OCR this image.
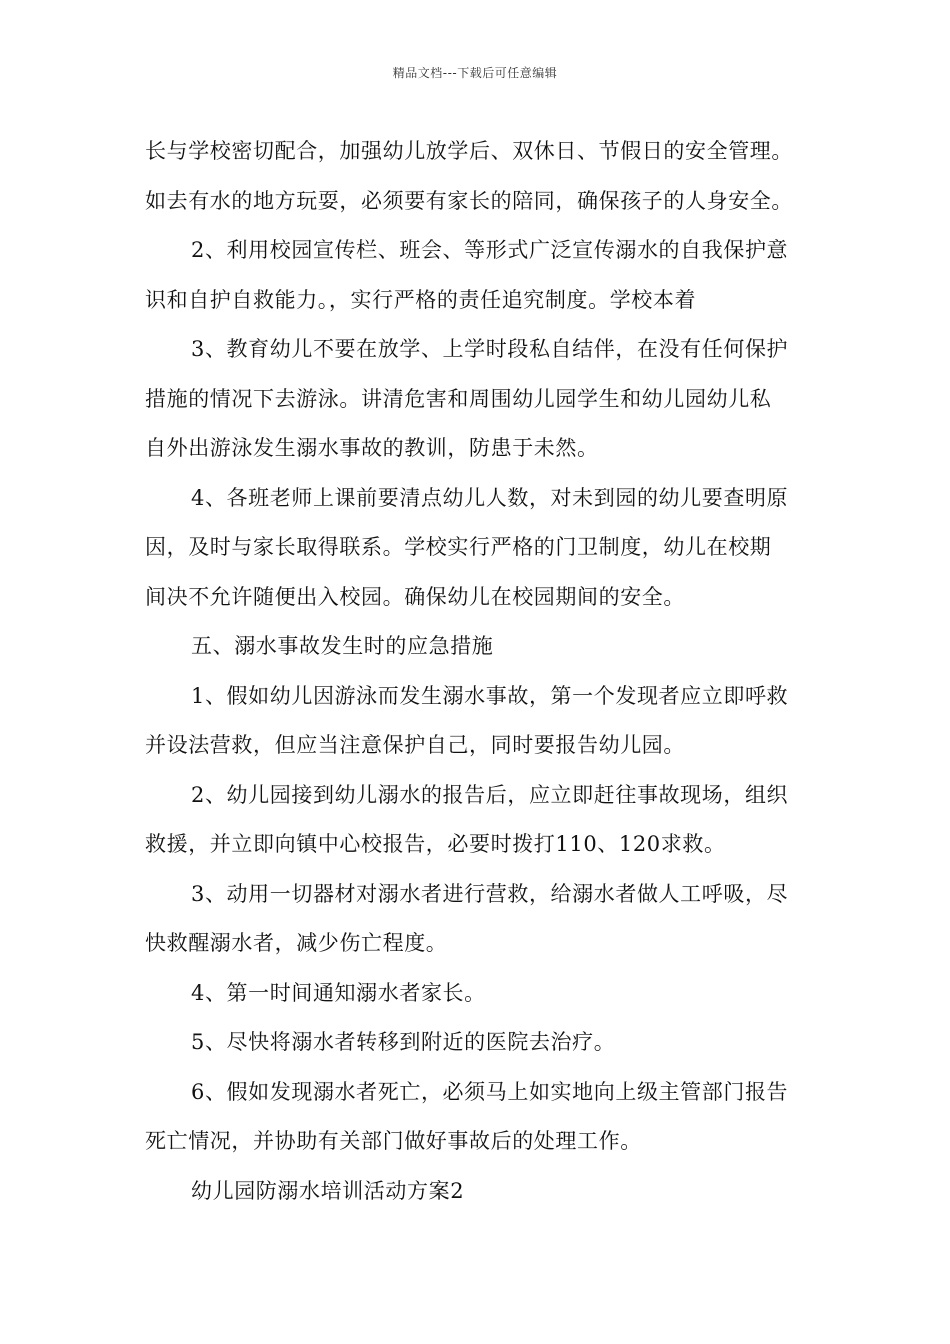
精品文档---下载后可任意编辑
长与学校密切配合，加强幼儿放学后、双休日、节假日的安全管理。
如去有水的地方玩耍，必须要有家长的陪同，确保孩子的人身安全。
2、利用校园宣传栏、班会、等形式广泛宣传溺水的自我保护意
识和自护自救能力。，实行严格的责任追究制度。学校本着
3、教育幼儿不要在放学、上学时段私自结伴，在没有任何保护
措施的情况下去游泳。讲清危害和周围幼儿园学生和幼儿园幼儿私
自外出游泳发生溺水事故的教训，防患于未然。
4、各班老师上课前要清点幼儿人数，对未到园的幼儿要查明原
因，及时与家长取得联系。学校实行严格的门卫制度，幼儿在校期
间决不允许随便出入校园。确保幼儿在校园期间的安全。
五、溺水事故发生时的应急措施
1、假如幼儿因游泳而发生溺水事故，第一个发现者应立即呼救
并设法营救，但应当注意保护自己，同时要报告幼儿园。
2、幼儿园接到幼儿溺水的报告后，应立即赶往事故现场，组织
救援，并立即向镇中心校报告，必要时拨打110、120求救。
3、动用一切器材对溺水者进行营救，给溺水者做人工呼吸，尽
快救醒溺水者，减少伤亡程度。
4、第一时间通知溺水者家长。
5、尽快将溺水者转移到附近的医院去治疗。
6、假如发现溺水者死亡，必须马上如实地向上级主管部门报告
死亡情况，并协助有关部门做好事故后的处理工作。
幼儿园防溺水培训活动方案2
